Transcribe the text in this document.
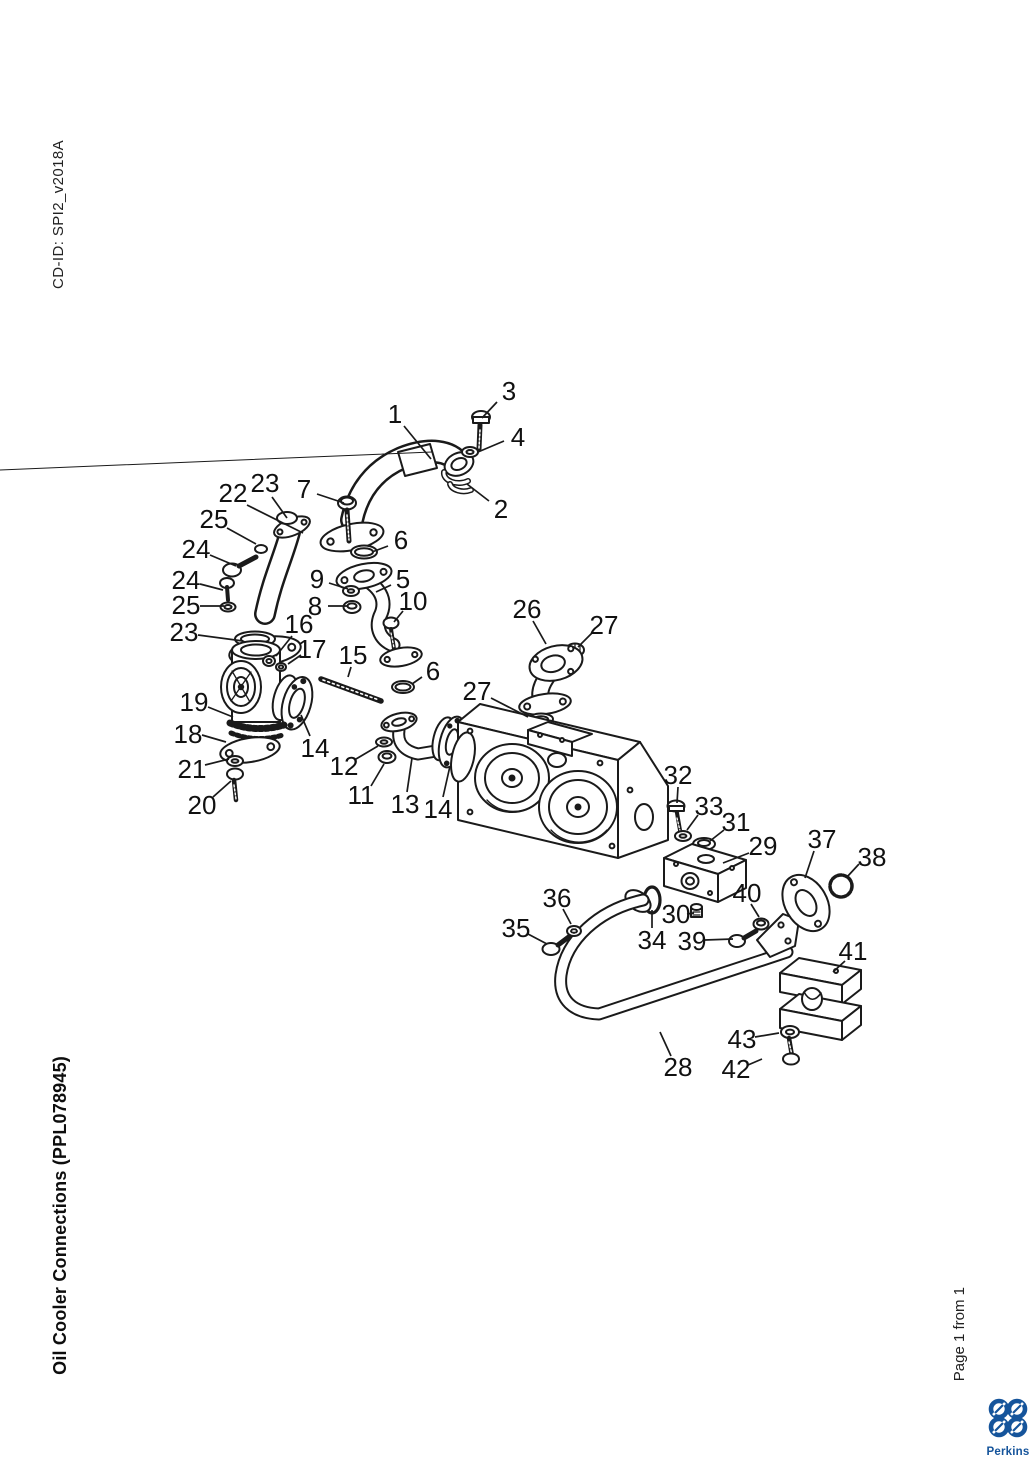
CD-ID: SPI2_v2018A
Oil Cooler Connections (PPL078945)	Page 1 from 1
1
3
4
2
7
6
22 23
25
24
24
25
23	16
17
9	5
8	10
15
6
26
27
27
19
18
21
20
14
12
11 13 14
32
33
31
29 37
38
40
30
36
35	34 39	41
43
42
28
Perkins
